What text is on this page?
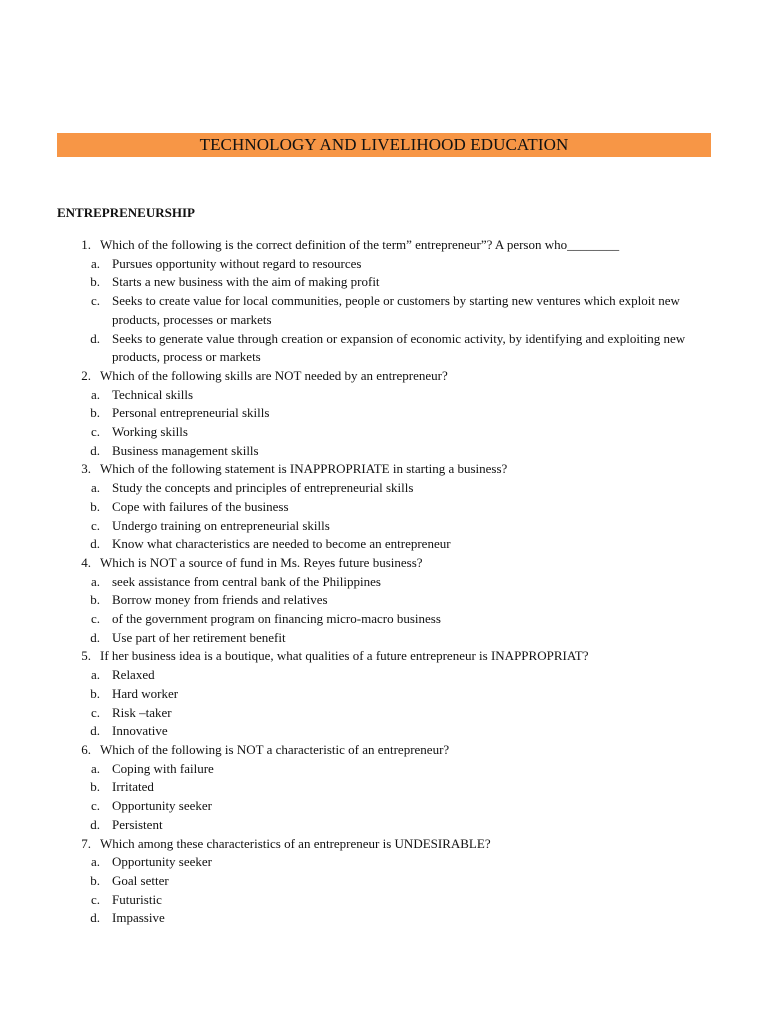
TECHNOLOGY AND LIVELIHOOD EDUCATION
ENTREPRENEURSHIP
1. Which of the following is the correct definition of the term” entrepreneur”? A person who________
a. Pursues opportunity without regard to resources
b. Starts a new business with the aim of making profit
c. Seeks to create value for local communities, people or customers by starting new ventures which exploit new products, processes or markets
d. Seeks to generate value through creation or expansion of economic activity, by identifying and exploiting new products, process or markets
2. Which of the following skills are NOT needed by an entrepreneur?
a. Technical skills
b. Personal entrepreneurial skills
c. Working skills
d. Business management skills
3. Which of the following statement is INAPPROPRIATE in starting a business?
a. Study the concepts and principles of entrepreneurial skills
b. Cope with failures of the business
c. Undergo training on entrepreneurial skills
d. Know what characteristics are needed to become an entrepreneur
4. Which is NOT a source of fund in Ms. Reyes future business?
a. seek assistance from central bank of the Philippines
b. Borrow money from friends and relatives
c. of the government program on financing micro-macro business
d. Use part of her retirement benefit
5. If her business idea is a boutique, what qualities of a future entrepreneur is INAPPROPRIAT?
a. Relaxed
b. Hard worker
c. Risk –taker
d. Innovative
6. Which of the following is NOT a characteristic of an entrepreneur?
a. Coping with failure
b. Irritated
c. Opportunity seeker
d. Persistent
7. Which among these characteristics of an entrepreneur is UNDESIRABLE?
a. Opportunity seeker
b. Goal setter
c. Futuristic
d. Impassive
